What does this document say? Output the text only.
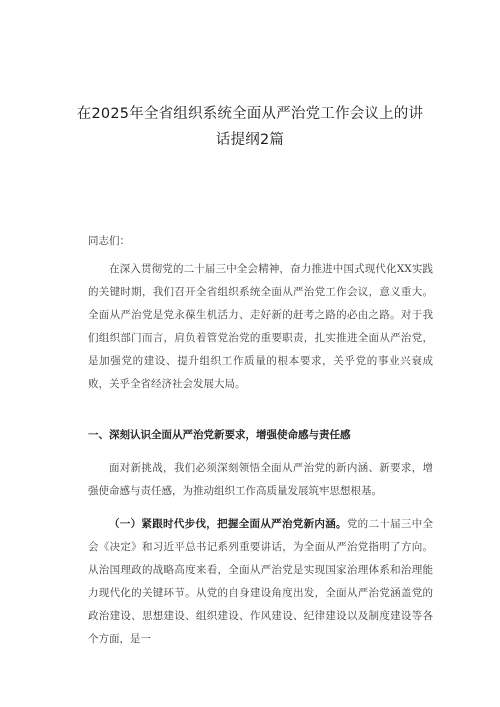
在2025年全省组织系统全面从严治党工作会议上的讲话提纲2篇
同志们：
在深入贯彻党的二十届三中全会精神，奋力推进中国式现代化XX实践的关键时期，我们召开全省组织系统全面从严治党工作会议，意义重大。全面从严治党是党永葆生机活力、走好新的赶考之路的必由之路。对于我们组织部门而言，肩负着管党治党的重要职责，扎实推进全面从严治党，是加强党的建设、提升组织工作质量的根本要求，关乎党的事业兴衰成败，关乎全省经济社会发展大局。
一、深刻认识全面从严治党新要求，增强使命感与责任感
面对新挑战，我们必须深刻领悟全面从严治党的新内涵、新要求，增强使命感与责任感，为推动组织工作高质量发展筑牢思想根基。
（一）紧跟时代步伐，把握全面从严治党新内涵。党的二十届三中全会《决定》和习近平总书记系列重要讲话，为全面从严治党指明了方向。从治国理政的战略高度来看，全面从严治党是实现国家治理体系和治理能力现代化的关键环节。从党的自身建设角度出发，全面从严治党涵盖党的政治建设、思想建设、组织建设、作风建设、纪律建设以及制度建设等各个方面，是一
